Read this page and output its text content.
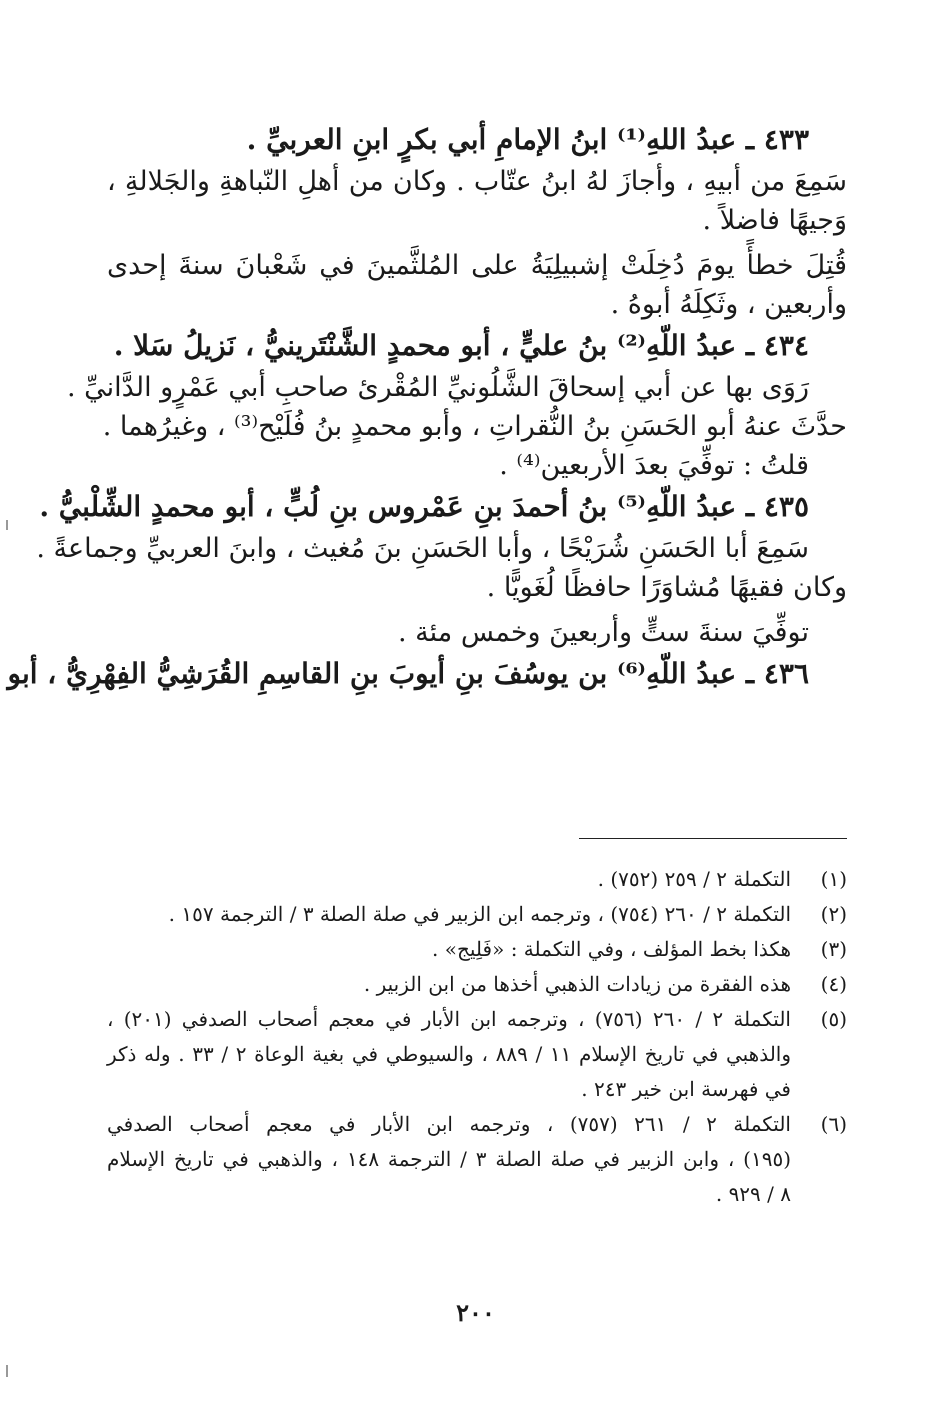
٤٣٣ ـ عبدُ اللهِ⁽¹⁾ ابنُ الإمامِ أبي بكرٍ ابنِ العربيِّ .
سَمِعَ من أبيهِ ، وأجازَ لهُ ابنُ عتّاب . وكان من أهلِ النّباهةِ والجَلالةِ ،
وَجيهًا فاضلاً .
قُتِلَ خطأً يومَ دُخِلَتْ إشبيلِيَةُ على المُلثَّمينَ في شَعْبانَ سنةَ إحدى
وأربعين ، وثَكِلَهُ أبوهُ .
٤٣٤ ـ عبدُ اللّهِ⁽²⁾ بنُ عليٍّ ، أبو محمدٍ الشَّنْتَرينيُّ ، نَزيلُ سَلا .
رَوَى بها عن أبي إسحاقَ الشَّلُونيِّ المُقْرئ صاحبِ أبي عَمْرٍو الدَّانيِّ .
حدَّثَ عنهُ أبو الحَسَنِ بنُ النُّقراتِ ، وأبو محمدٍ بنُ فُلَيْح⁽³⁾ ، وغيرُهما .
قلتُ : توفِّيَ بعدَ الأربعين⁽⁴⁾ .
٤٣٥ ـ عبدُ اللّهِ⁽⁵⁾ بنُ أحمدَ بنِ عَمْروس بنِ لُبٍّ ، أبو محمدٍ الشِّلْبيُّ .
سَمِعَ أبا الحَسَنِ شُرَيْحًا ، وأبا الحَسَنِ بنَ مُغيث ، وابنَ العربيِّ وجماعةً .
وكان فقيهًا مُشاوَرًا حافظًا لُغَويًّا .
توفِّيَ سنةَ ستٍّ وأربعينَ وخمس مئة .
٤٣٦ ـ عبدُ اللّهِ⁽⁶⁾ بن يوسُفَ بنِ أيوبَ بنِ القاسِمِ القُرَشِيُّ الفِهْرِيُّ ، أبو
(١)
التكملة ٢ / ٢٥٩ (٧٥٢) .
(٢)
التكملة ٢ / ٢٦٠ (٧٥٤) ، وترجمه ابن الزبير في صلة الصلة ٣ / الترجمة ١٥٧ .
(٣)
هكذا بخط المؤلف ، وفي التكملة : «فَلِيج» .
(٤)
هذه الفقرة من زيادات الذهبي أخذها من ابن الزبير .
(٥)
التكملة ٢ / ٢٦٠ (٧٥٦) ، وترجمه ابن الأبار في معجم أصحاب الصدفي (٢٠١) ،
والذهبي في تاريخ الإسلام ١١ / ٨٨٩ ، والسيوطي في بغية الوعاة ٢ / ٣٣ . وله ذكر
في فهرسة ابن خير ٢٤٣ .
(٦)
التكملة ٢ / ٢٦١ (٧٥٧) ، وترجمه ابن الأبار في معجم أصحاب الصدفي
(١٩٥) ، وابن الزبير في صلة الصلة ٣ / الترجمة ١٤٨ ، والذهبي في تاريخ الإسلام
٨ / ٩٢٩ .
٢٠٠
